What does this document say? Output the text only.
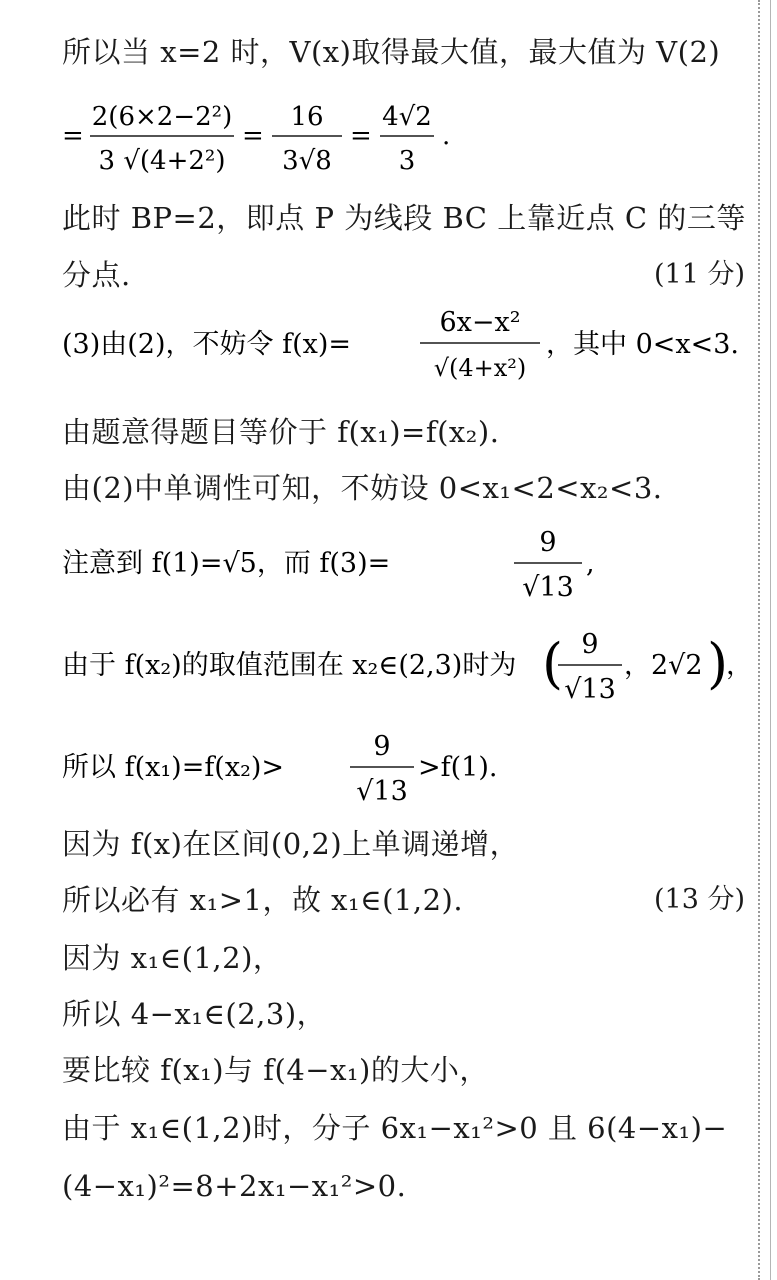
所以当 x=2 时，V(x)取得最大值，最大值为 V(2)
=
2(6×2−2²)
3 √(4+2²)
=
16
3√8
=
4√2
3
.
此时 BP=2，即点 P 为线段 BC 上靠近点 C 的三等
分点.	(11 分)
(3)由(2)，不妨令 f(x)=
6x−x²
√(4+x²)
，其中 0<x<3.
由题意得题目等价于 f(x₁)=f(x₂).
由(2)中单调性可知，不妨设 0<x₁<2<x₂<3.
注意到 f(1)=√5，而 f(3)=
9
√13
,
由于 f(x₂)的取值范围在 x₂∈(2,3)时为 ( 9
√13
，2√2 )
，
所以 f(x₁)=f(x₂)>
9
√13
>f(1).
因为 f(x)在区间(0,2)上单调递增，
所以必有 x₁>1，故 x₁∈(1,2).	(13 分)
因为 x₁∈(1,2)，
所以 4−x₁∈(2,3)，
要比较 f(x₁)与 f(4−x₁)的大小，
由于 x₁∈(1,2)时，分子 6x₁−x₁²>0 且 6(4−x₁)−
(4−x₁)²=8+2x₁−x₁²>0.
